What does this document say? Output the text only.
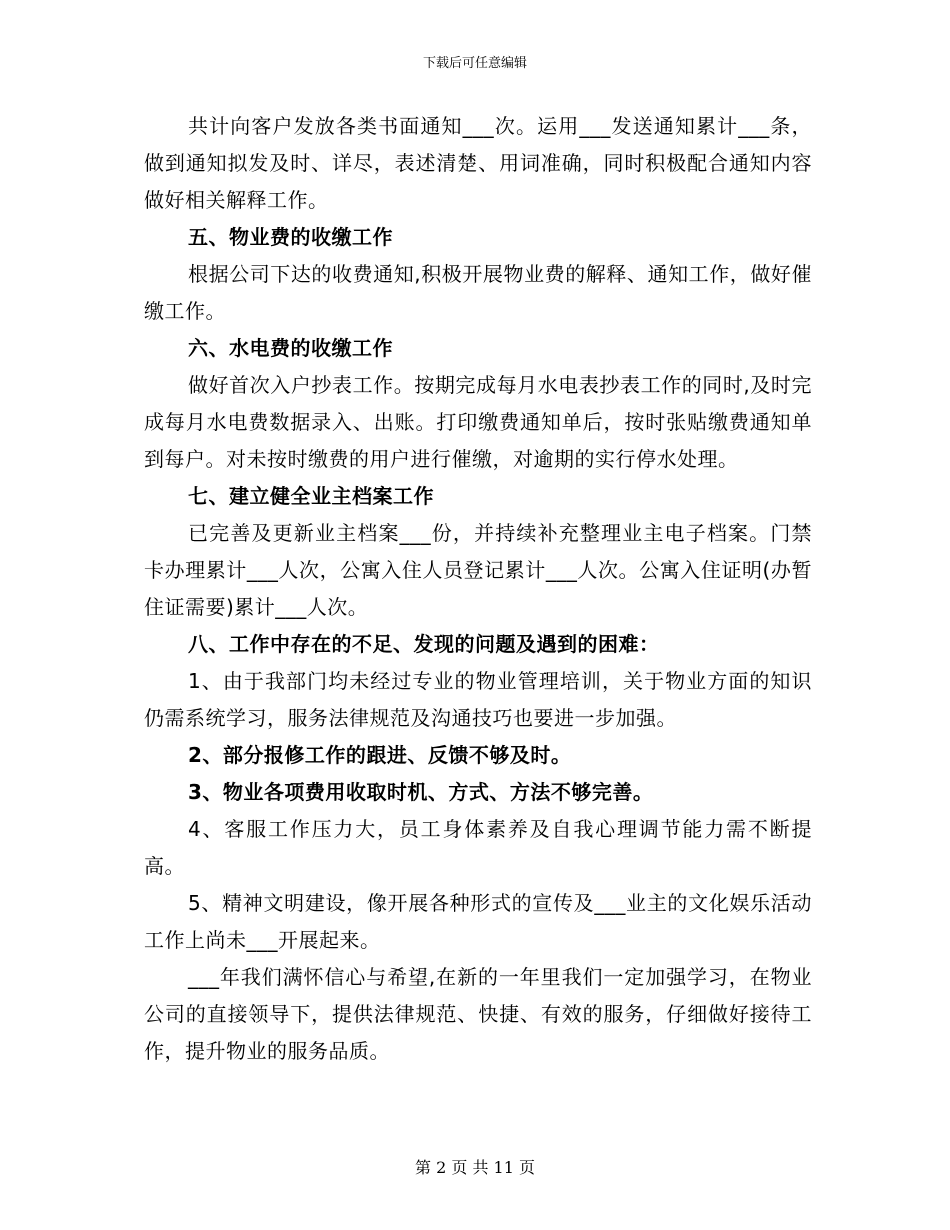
下载后可任意编辑

共计向客户发放各类书面通知___次。运用___发送通知累计___条，做到通知拟发及时、详尽，表述清楚、用词准确，同时积极配合通知内容做好相关解释工作。

五、物业费的收缴工作

根据公司下达的收费通知,积极开展物业费的解释、通知工作，做好催缴工作。

六、水电费的收缴工作

做好首次入户抄表工作。按期完成每月水电表抄表工作的同时,及时完成每月水电费数据录入、出账。打印缴费通知单后，按时张贴缴费通知单到每户。对未按时缴费的用户进行催缴，对逾期的实行停水处理。

七、建立健全业主档案工作

已完善及更新业主档案___份，并持续补充整理业主电子档案。门禁卡办理累计___人次，公寓入住人员登记累计___人次。公寓入住证明(办暂住证需要)累计___人次。

八、工作中存在的不足、发现的问题及遇到的困难：

1、由于我部门均未经过专业的物业管理培训，关于物业方面的知识仍需系统学习，服务法律规范及沟通技巧也要进一步加强。

2、部分报修工作的跟进、反馈不够及时。

3、物业各项费用收取时机、方式、方法不够完善。

4、客服工作压力大，员工身体素养及自我心理调节能力需不断提高。

5、精神文明建设，像开展各种形式的宣传及___业主的文化娱乐活动工作上尚未___开展起来。

___年我们满怀信心与希望,在新的一年里我们一定加强学习，在物业公司的直接领导下，提供法律规范、快捷、有效的服务，仔细做好接待工作，提升物业的服务品质。

第 2 页 共 11 页
